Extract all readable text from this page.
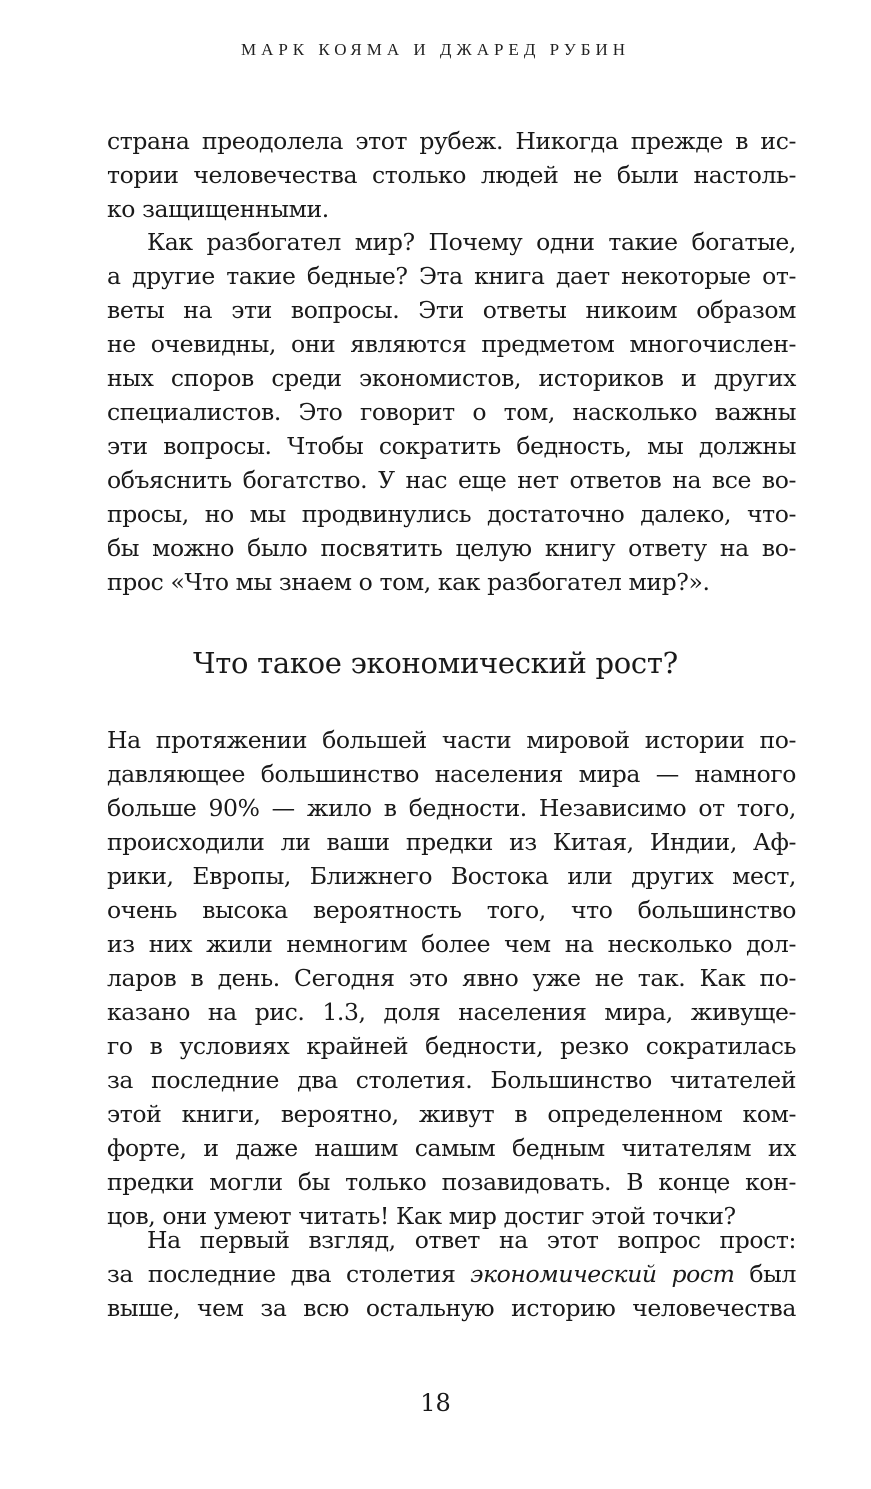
МАРК КОЯМА И ДЖАРЕД РУБИН
страна преодолела этот рубеж. Никогда прежде в ис-
тории человечества столько людей не были настоль-
ко защищенными.
Как разбогател мир? Почему одни такие богатые,
а другие такие бедные? Эта книга дает некоторые от-
веты на эти вопросы. Эти ответы никоим образом
не очевидны, они являются предметом многочислен-
ных споров среди экономистов, историков и других
специалистов. Это говорит о том, насколько важны
эти вопросы. Чтобы сократить бедность, мы должны
объяснить богатство. У нас еще нет ответов на все во-
просы, но мы продвинулись достаточно далеко, что-
бы можно было посвятить целую книгу ответу на во-
прос «Что мы знаем о том, как разбогател мир?».
Что такое экономический рост?
На протяжении большей части мировой истории по-
давляющее большинство населения мира — намного
больше 90% — жило в бедности. Независимо от того,
происходили ли ваши предки из Китая, Индии, Аф-
рики, Европы, Ближнего Востока или других мест,
очень высока вероятность того, что большинство
из них жили немногим более чем на несколько дол-
ларов в день. Сегодня это явно уже не так. Как по-
казано на рис. 1.3, доля населения мира, живуще-
го в условиях крайней бедности, резко сократилась
за последние два столетия. Большинство читателей
этой книги, вероятно, живут в определенном ком-
форте, и даже нашим самым бедным читателям их
предки могли бы только позавидовать. В конце кон-
цов, они умеют читать! Как мир достиг этой точки?
На первый взгляд, ответ на этот вопрос прост:
за последние два столетия экономический рост был
выше, чем за всю остальную историю человечества
18
